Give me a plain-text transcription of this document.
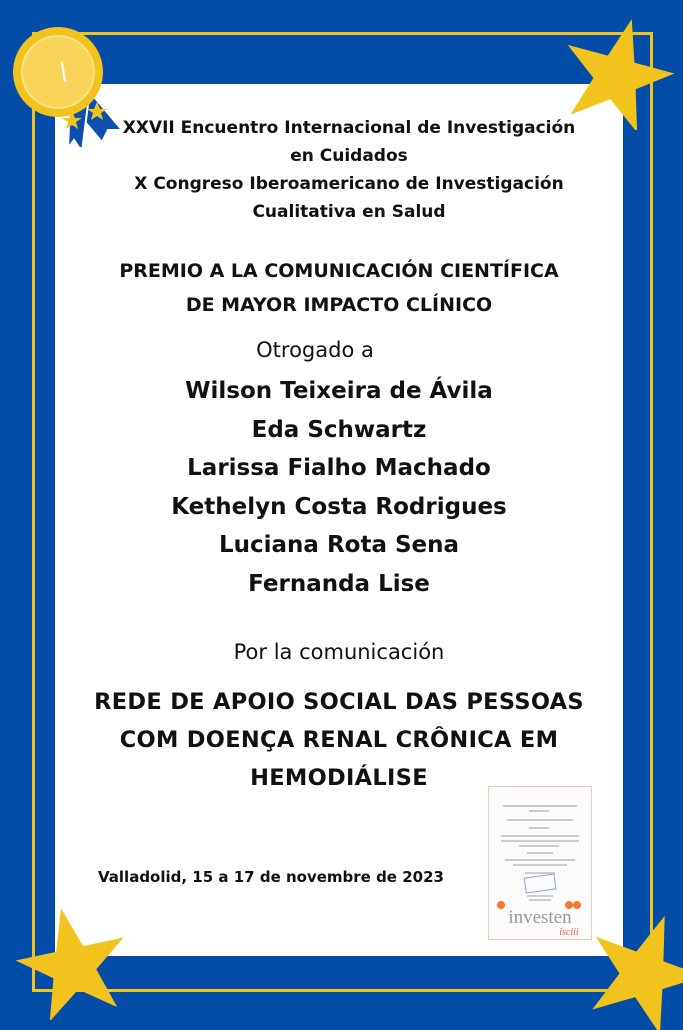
XXVII Encuentro Internacional de Investigación
en Cuidados
X Congreso Iberoamericano de Investigación
Cualitativa en Salud
PREMIO A LA COMUNICACIÓN CIENTÍFICA
DE MAYOR IMPACTO CLÍNICO
Otrogado a
Wilson Teixeira de Ávila
Eda Schwartz
Larissa Fialho Machado
Kethelyn Costa Rodrigues
Luciana Rota Sena
Fernanda Lise
Por la comunicación
REDE DE APOIO SOCIAL DAS PESSOAS
COM DOENÇA RENAL CRÔNICA EM
HEMODIÁLISE
Valladolid, 15 a 17 de novembre de 2023
investen
isciii
